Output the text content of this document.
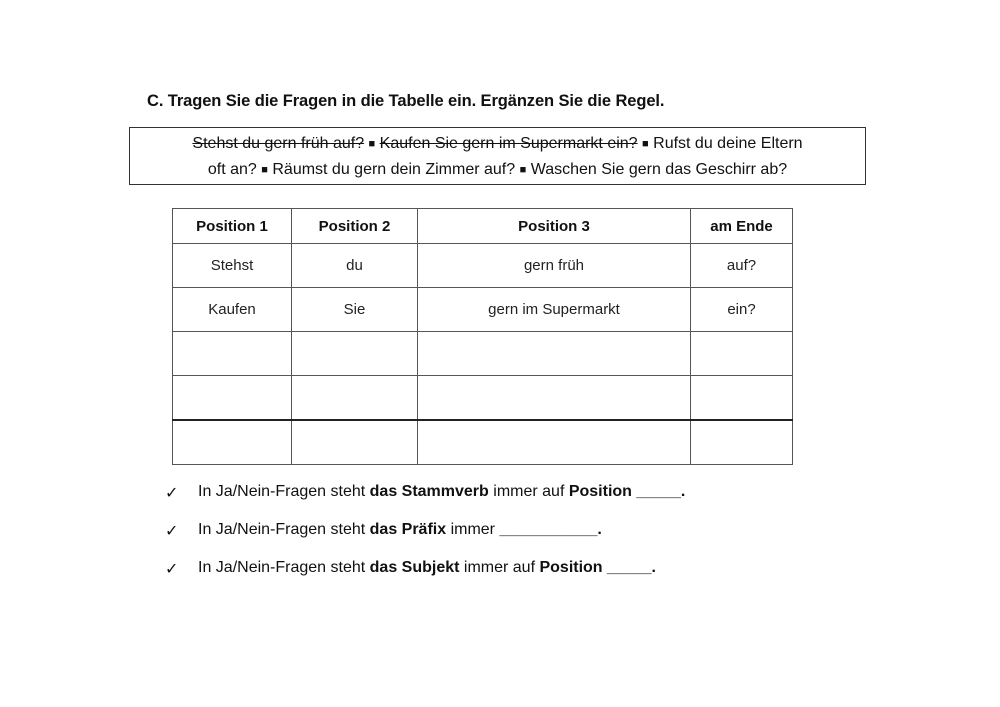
C. Tragen Sie die Fragen in die Tabelle ein. Ergänzen Sie die Regel.
Stehst du gern früh auf? ■ Kaufen Sie gern im Supermarkt ein? ■ Rufst du deine Eltern
oft an? ■ Räumst du gern dein Zimmer auf? ■ Waschen Sie gern das Geschirr ab?
Position 1	Position 2	Position 3	am Ende
Stehst	du	gern früh	auf?
Kaufen	Sie	gern im Supermarkt	ein?

✓	In Ja/Nein-Fragen steht das Stammverb immer auf Position _____.
✓	In Ja/Nein-Fragen steht das Präfix immer ___________.
✓	In Ja/Nein-Fragen steht das Subjekt immer auf Position _____.
